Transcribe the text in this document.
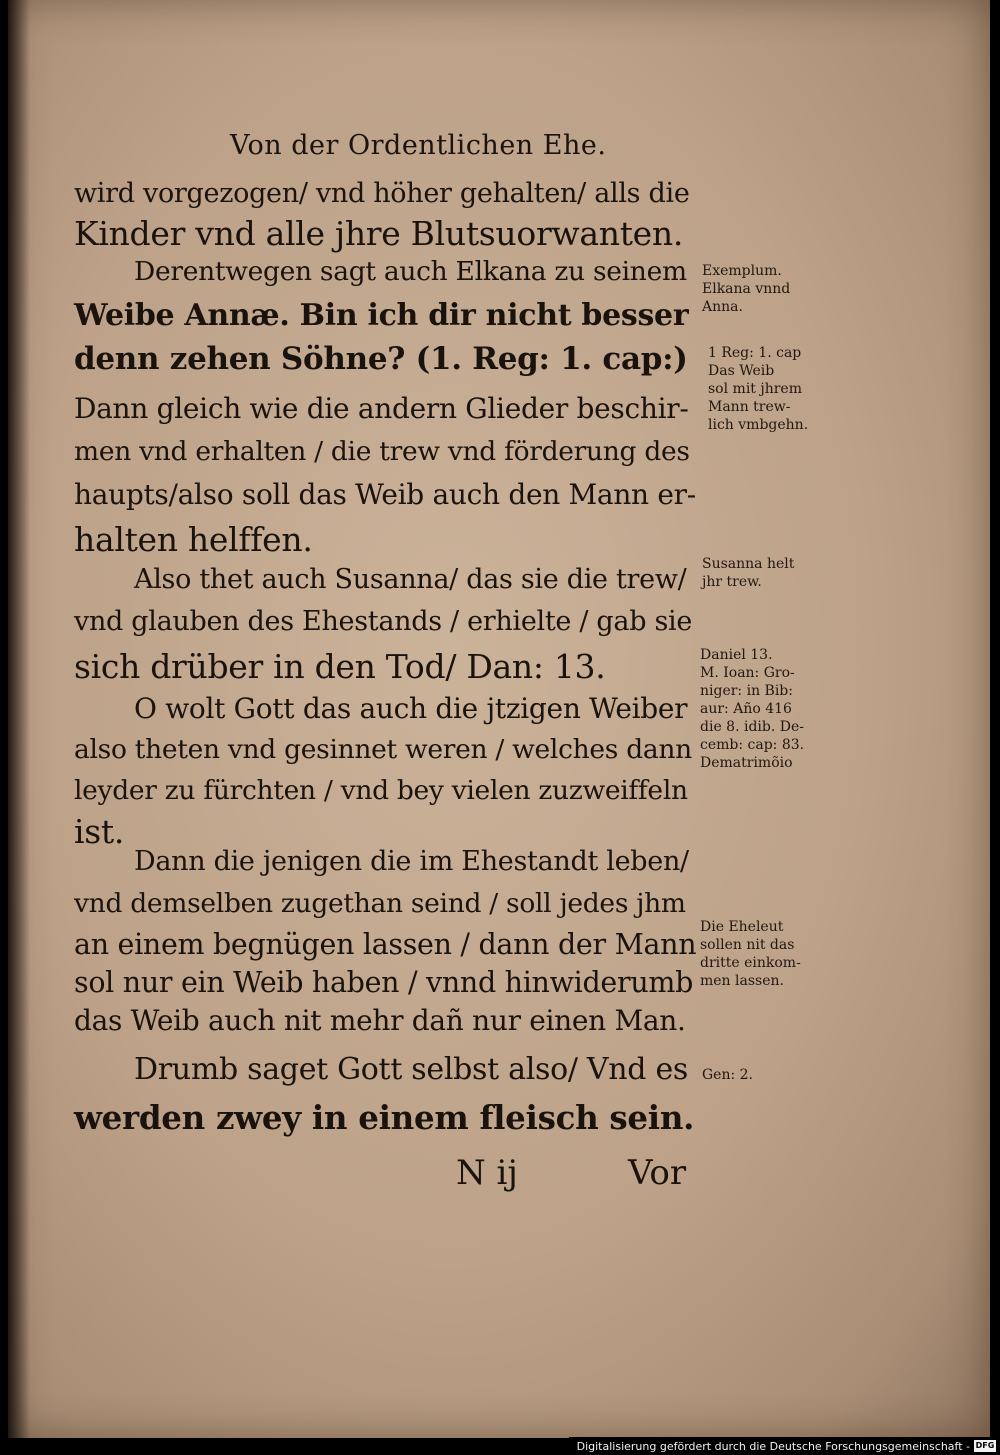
Von der Ordentlichen Ehe.
wird vorgezogen/ vnd höher gehalten/ alls die
Kinder vnd alle jhre Blutsuorwanten.
Derentwegen sagt auch Elkana zu seinem
Weibe Annæ. Bin ich dir nicht besser
denn zehen Söhne? (1. Reg: 1. cap:)
Dann gleich wie die andern Glieder beschir-
men vnd erhalten / die trew vnd förderung des
haupts/also soll das Weib auch den Mann er-
halten helffen.
Also thet auch Susanna/ das sie die trew/
vnd glauben des Ehestands / erhielte / gab sie
sich drüber in den Tod/ Dan: 13.
O wolt Gott das auch die jtzigen Weiber
also theten vnd gesinnet weren / welches dann
leyder zu fürchten / vnd bey vielen zuzweiffeln
ist.
Dann die jenigen die im Ehestandt leben/
vnd demselben zugethan seind / soll jedes jhm
an einem begnügen lassen / dann der Mann
sol nur ein Weib haben / vnnd hinwiderumb
das Weib auch nit mehr dañ nur einen Man.
Drumb saget Gott selbst also/ Vnd es
werden zwey in einem fleisch sein.
Exemplum.
Elkana vnnd
Anna.
1 Reg: 1. cap
Das Weib
sol mit jhrem
Mann trew-
lich vmbgehn.
Susanna helt
jhr trew.
Daniel 13.
M. Ioan: Gro-
niger: in Bib:
aur: Año 416
die 8. idib. De-
cemb: cap: 83.
Dematrimõio
Die Eheleut
sollen nit das
dritte einkom-
men lassen.
Gen: 2.
N ij	Vor
Digitalisierung gefördert durch die Deutsche Forschungsgemeinschaft - DFG
